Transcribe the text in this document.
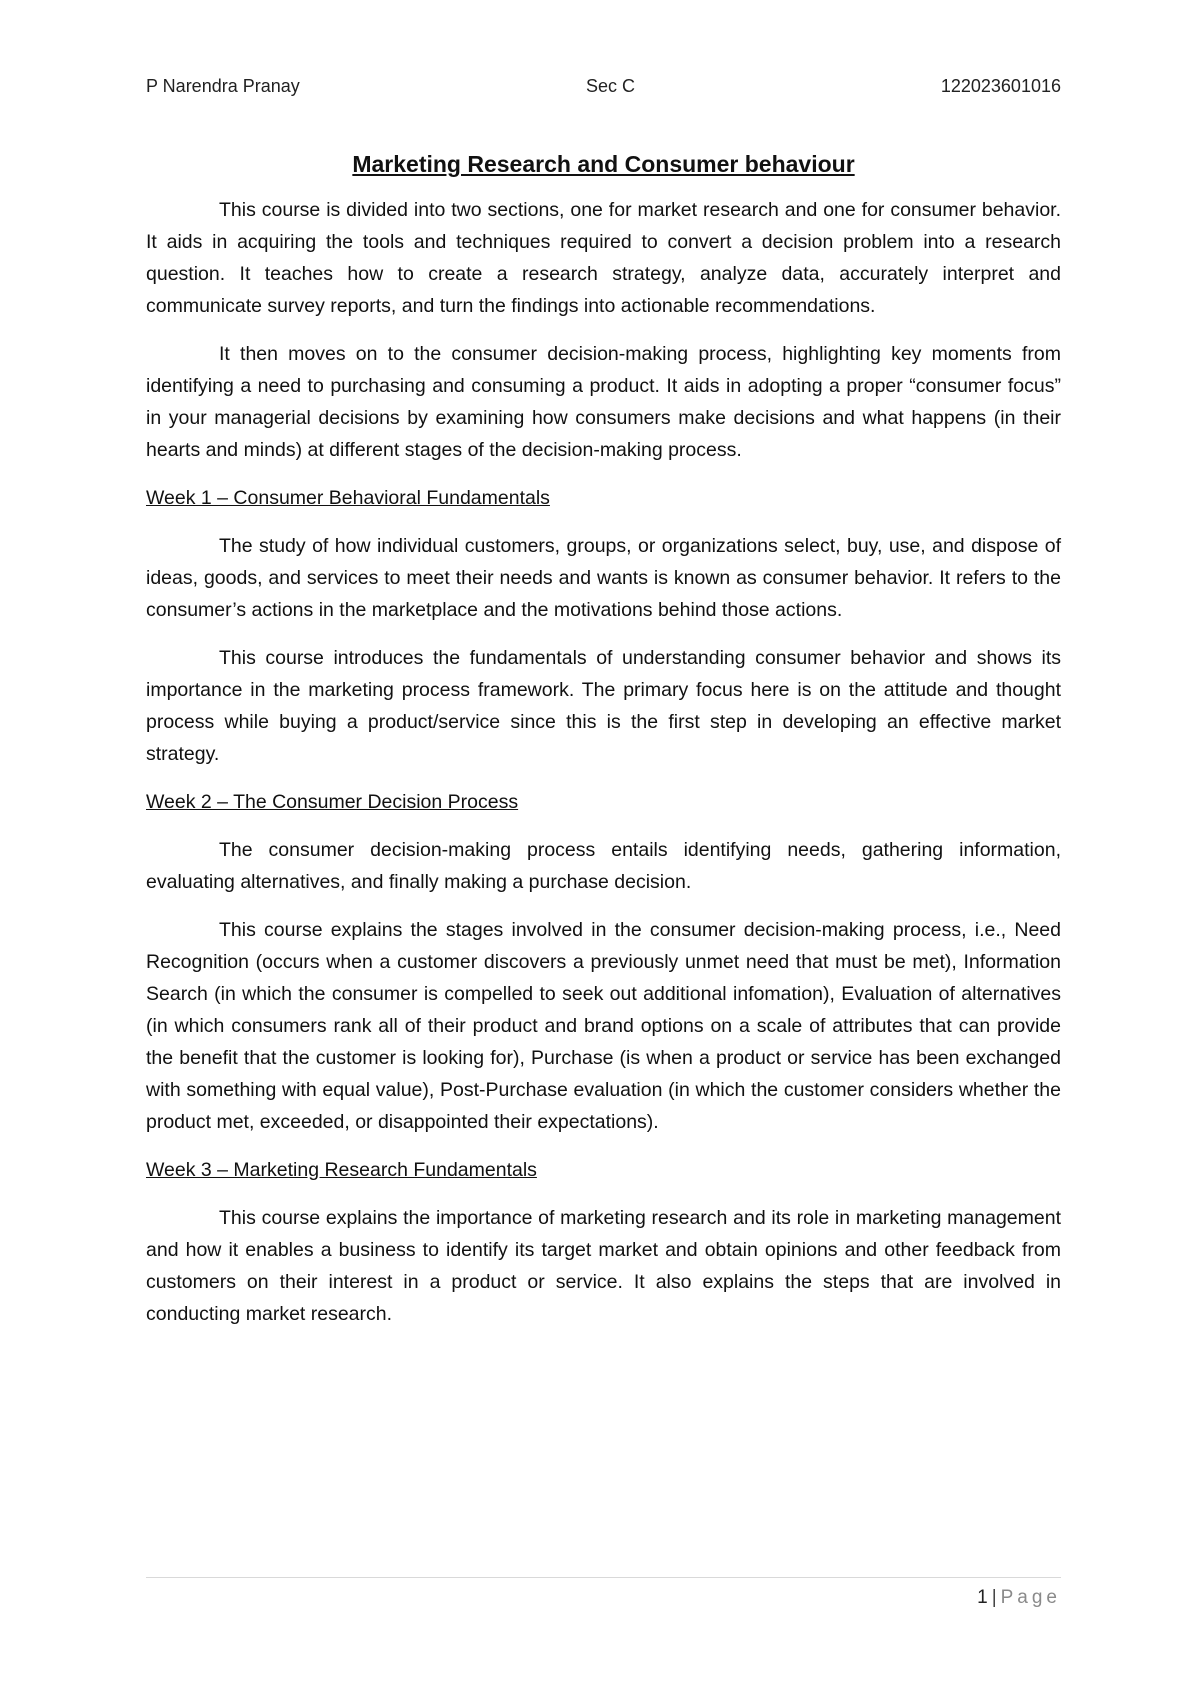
P Narendra Pranay	Sec C	122023601016
Marketing Research and Consumer behaviour

This course is divided into two sections, one for market research and one for consumer behavior. It aids in acquiring the tools and techniques required to convert a decision problem into a research question. It teaches how to create a research strategy, analyze data, accurately interpret and communicate survey reports, and turn the findings into actionable recommendations.

It then moves on to the consumer decision-making process, highlighting key moments from identifying a need to purchasing and consuming a product. It aids in adopting a proper “consumer focus” in your managerial decisions by examining how consumers make decisions and what happens (in their hearts and minds) at different stages of the decision-making process.

Week 1 – Consumer Behavioral Fundamentals

The study of how individual customers, groups, or organizations select, buy, use, and dispose of ideas, goods, and services to meet their needs and wants is known as consumer behavior. It refers to the consumer’s actions in the marketplace and the motivations behind those actions.

This course introduces the fundamentals of understanding consumer behavior and shows its importance in the marketing process framework. The primary focus here is on the attitude and thought process while buying a product/service since this is the first step in developing an effective market strategy.

Week 2 – The Consumer Decision Process

The consumer decision-making process entails identifying needs, gathering information, evaluating alternatives, and finally making a purchase decision.

This course explains the stages involved in the consumer decision-making process, i.e., Need Recognition (occurs when a customer discovers a previously unmet need that must be met), Information Search (in which the consumer is compelled to seek out additional infomation), Evaluation of alternatives (in which consumers rank all of their product and brand options on a scale of attributes that can provide the benefit that the customer is looking for), Purchase (is when a product or service has been exchanged with something with equal value), Post-Purchase evaluation (in which the customer considers whether the product met, exceeded, or disappointed their expectations).

Week 3 – Marketing Research Fundamentals

This course explains the importance of marketing research and its role in marketing management and how it enables a business to identify its target market and obtain opinions and other feedback from customers on their interest in a product or service. It also explains the steps that are involved in conducting market research.

1 | Page
